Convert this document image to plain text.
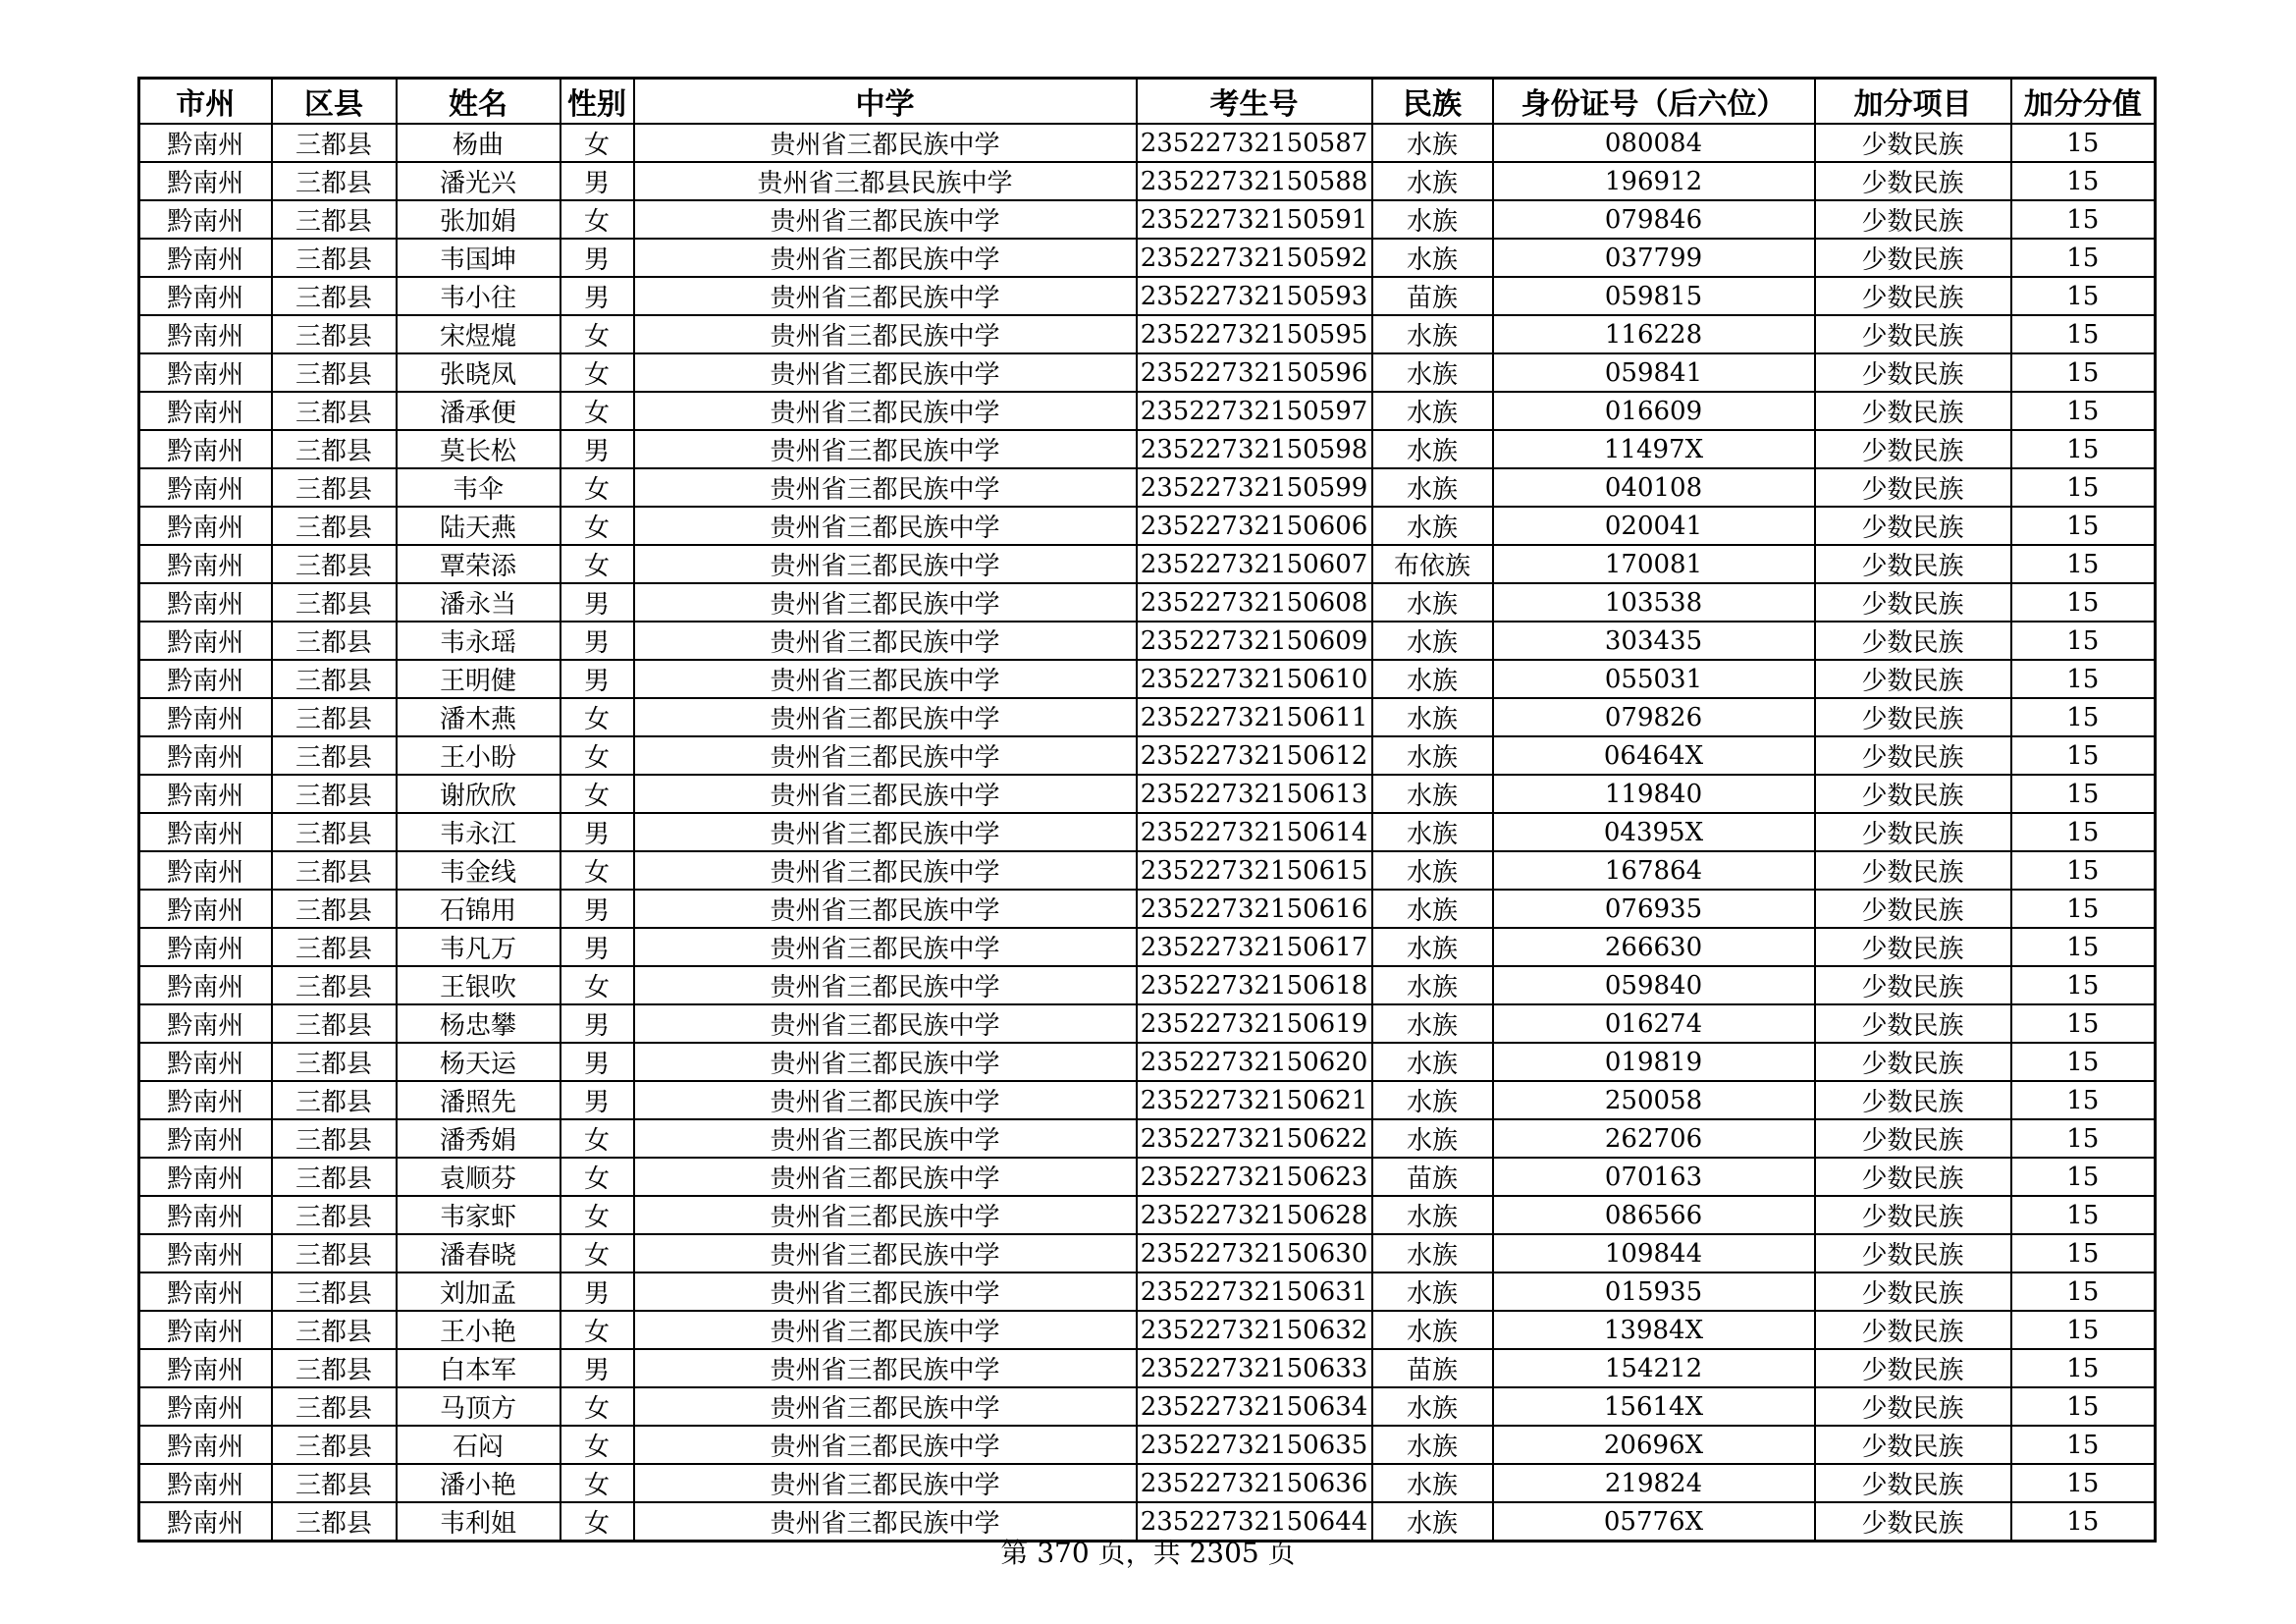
市州	区县	姓名	性别	中学	考生号	民族	身份证号（后六位）	加分项目	加分分值
黔南州	三都县	杨曲	女	贵州省三都民族中学	23522732150587	水族	080084	少数民族	15
黔南州	三都县	潘光兴	男	贵州省三都县民族中学	23522732150588	水族	196912	少数民族	15
黔南州	三都县	张加娟	女	贵州省三都民族中学	23522732150591	水族	079846	少数民族	15
黔南州	三都县	韦国坤	男	贵州省三都民族中学	23522732150592	水族	037799	少数民族	15
黔南州	三都县	韦小往	男	贵州省三都民族中学	23522732150593	苗族	059815	少数民族	15
黔南州	三都县	宋煜熴	女	贵州省三都民族中学	23522732150595	水族	116228	少数民族	15
黔南州	三都县	张晓凤	女	贵州省三都民族中学	23522732150596	水族	059841	少数民族	15
黔南州	三都县	潘承便	女	贵州省三都民族中学	23522732150597	水族	016609	少数民族	15
黔南州	三都县	莫长松	男	贵州省三都民族中学	23522732150598	水族	11497X	少数民族	15
黔南州	三都县	韦伞	女	贵州省三都民族中学	23522732150599	水族	040108	少数民族	15
黔南州	三都县	陆天燕	女	贵州省三都民族中学	23522732150606	水族	020041	少数民族	15
黔南州	三都县	覃荣添	女	贵州省三都民族中学	23522732150607	布依族	170081	少数民族	15
黔南州	三都县	潘永当	男	贵州省三都民族中学	23522732150608	水族	103538	少数民族	15
黔南州	三都县	韦永瑶	男	贵州省三都民族中学	23522732150609	水族	303435	少数民族	15
黔南州	三都县	王明健	男	贵州省三都民族中学	23522732150610	水族	055031	少数民族	15
黔南州	三都县	潘木燕	女	贵州省三都民族中学	23522732150611	水族	079826	少数民族	15
黔南州	三都县	王小盼	女	贵州省三都民族中学	23522732150612	水族	06464X	少数民族	15
黔南州	三都县	谢欣欣	女	贵州省三都民族中学	23522732150613	水族	119840	少数民族	15
黔南州	三都县	韦永江	男	贵州省三都民族中学	23522732150614	水族	04395X	少数民族	15
黔南州	三都县	韦金线	女	贵州省三都民族中学	23522732150615	水族	167864	少数民族	15
黔南州	三都县	石锦用	男	贵州省三都民族中学	23522732150616	水族	076935	少数民族	15
黔南州	三都县	韦凡万	男	贵州省三都民族中学	23522732150617	水族	266630	少数民族	15
黔南州	三都县	王银吹	女	贵州省三都民族中学	23522732150618	水族	059840	少数民族	15
黔南州	三都县	杨忠攀	男	贵州省三都民族中学	23522732150619	水族	016274	少数民族	15
黔南州	三都县	杨天运	男	贵州省三都民族中学	23522732150620	水族	019819	少数民族	15
黔南州	三都县	潘照先	男	贵州省三都民族中学	23522732150621	水族	250058	少数民族	15
黔南州	三都县	潘秀娟	女	贵州省三都民族中学	23522732150622	水族	262706	少数民族	15
黔南州	三都县	袁顺芬	女	贵州省三都民族中学	23522732150623	苗族	070163	少数民族	15
黔南州	三都县	韦家虾	女	贵州省三都民族中学	23522732150628	水族	086566	少数民族	15
黔南州	三都县	潘春晓	女	贵州省三都民族中学	23522732150630	水族	109844	少数民族	15
黔南州	三都县	刘加孟	男	贵州省三都民族中学	23522732150631	水族	015935	少数民族	15
黔南州	三都县	王小艳	女	贵州省三都民族中学	23522732150632	水族	13984X	少数民族	15
黔南州	三都县	白本军	男	贵州省三都民族中学	23522732150633	苗族	154212	少数民族	15
黔南州	三都县	马顶方	女	贵州省三都民族中学	23522732150634	水族	15614X	少数民族	15
黔南州	三都县	石闷	女	贵州省三都民族中学	23522732150635	水族	20696X	少数民族	15
黔南州	三都县	潘小艳	女	贵州省三都民族中学	23522732150636	水族	219824	少数民族	15
黔南州	三都县	韦利姐	女	贵州省三都民族中学	23522732150644	水族	05776X	少数民族	15
第 370 页，共 2305 页
